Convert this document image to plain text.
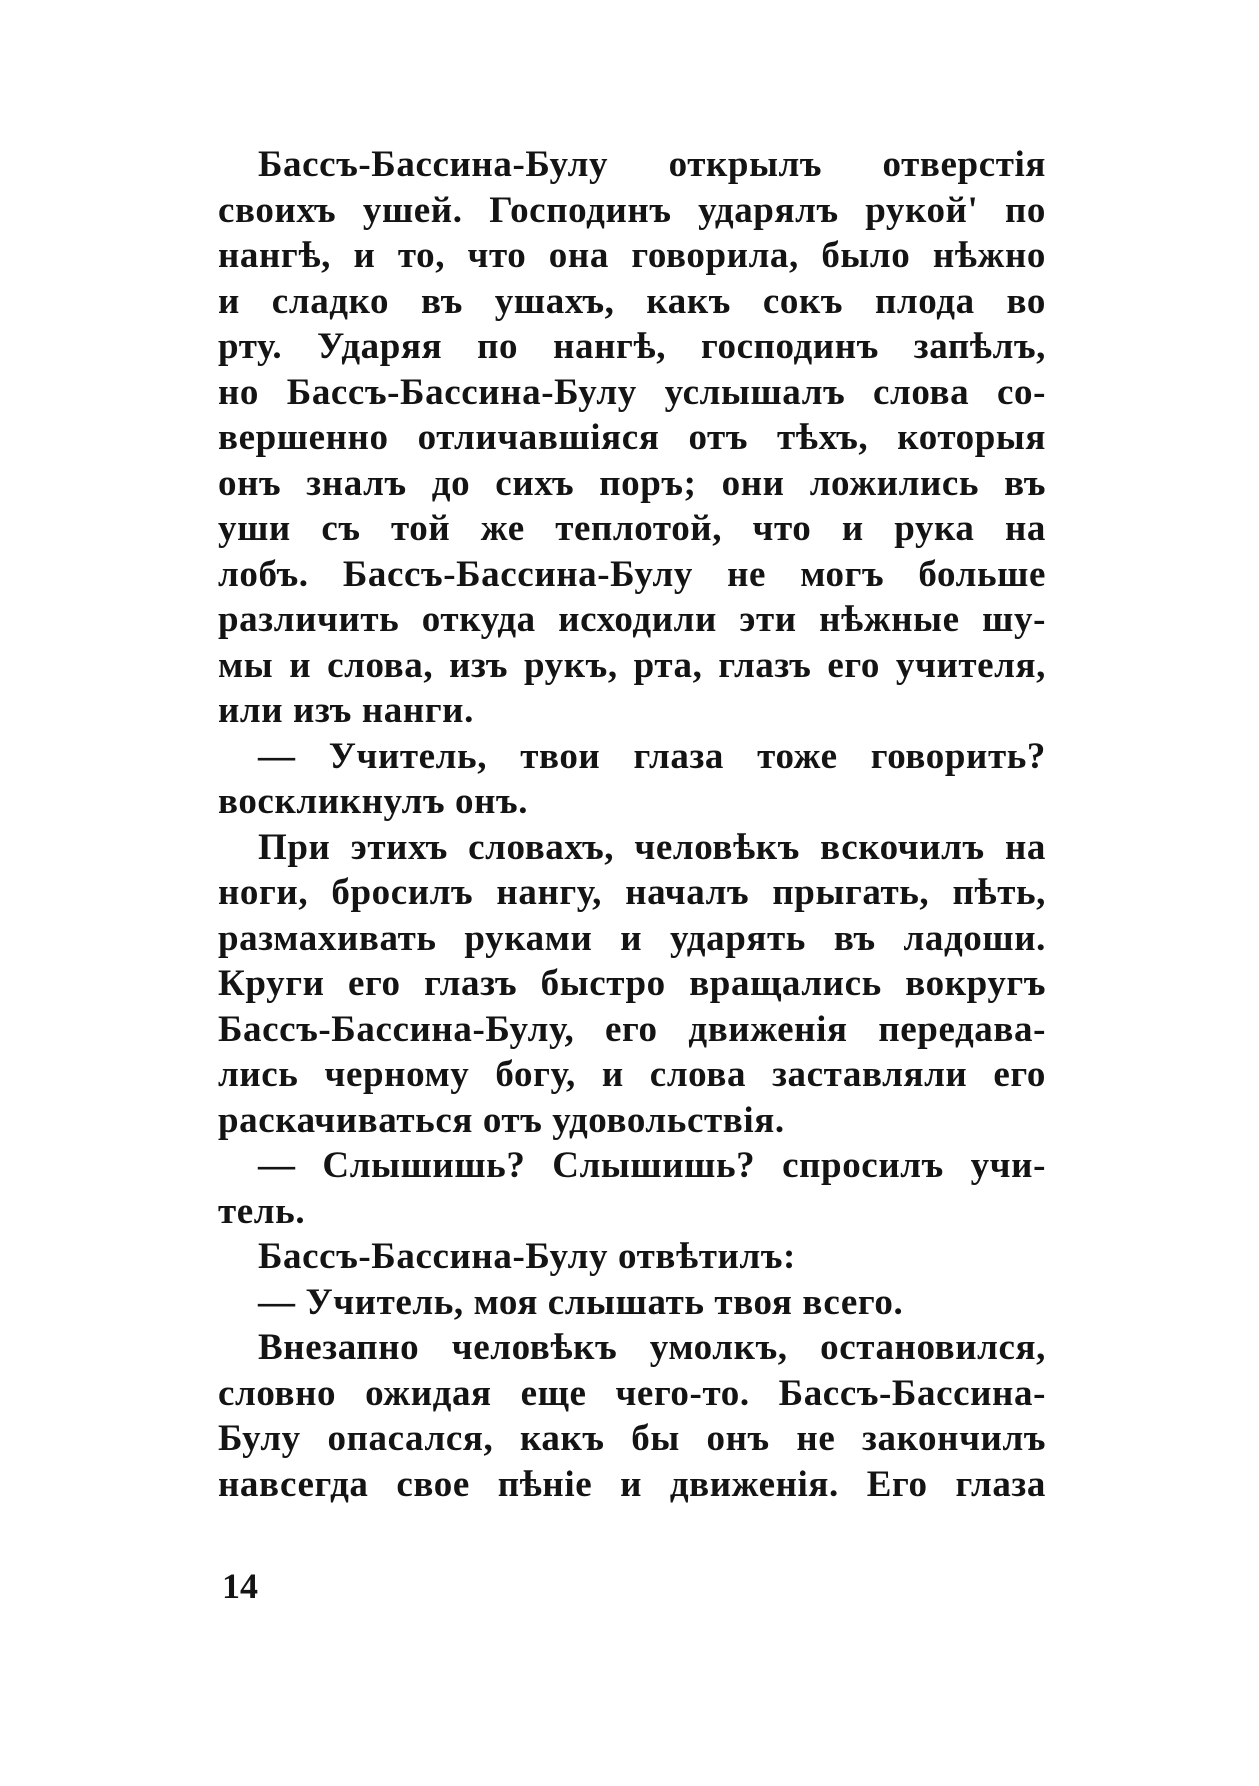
Бассъ-Бассина-Булу открылъ отверстія
своихъ ушей. Господинъ ударялъ рукой' по
нангѣ, и то, что она говорила, было нѣжно
и сладко въ ушахъ, какъ сокъ плода во
рту. Ударяя по нангѣ, господинъ запѣлъ,
но Бассъ-Бассина-Булу услышалъ слова со-
вершенно отличавшіяся отъ тѣхъ, которыя
онъ зналъ до сихъ поръ; они ложились въ
уши съ той же теплотой, что и рука на
лобъ. Бассъ-Бассина-Булу не могъ больше
различить откуда исходили эти нѣжные шу-
мы и слова, изъ рукъ, рта, глазъ его учителя,
или изъ нанги.
— Учитель, твои глаза тоже говорить?
воскликнулъ онъ.
При этихъ словахъ, человѣкъ вскочилъ на
ноги, бросилъ нангу, началъ прыгать, пѣть,
размахивать руками и ударять въ ладоши.
Круги его глазъ быстро вращались вокругъ
Бассъ-Бассина-Булу, его движенія передава-
лись черному богу, и слова заставляли его
раскачиваться отъ удовольствія.
— Слышишь? Слышишь? спросилъ учи-
тель.
Бассъ-Бассина-Булу отвѣтилъ:
— Учитель, моя слышать твоя всего.
Внезапно человѣкъ умолкъ, остановился,
словно ожидая еще чего-то. Бассъ-Бассина-
Булу опасался, какъ бы онъ не закончилъ
навсегда свое пѣніе и движенія. Его глаза
14
